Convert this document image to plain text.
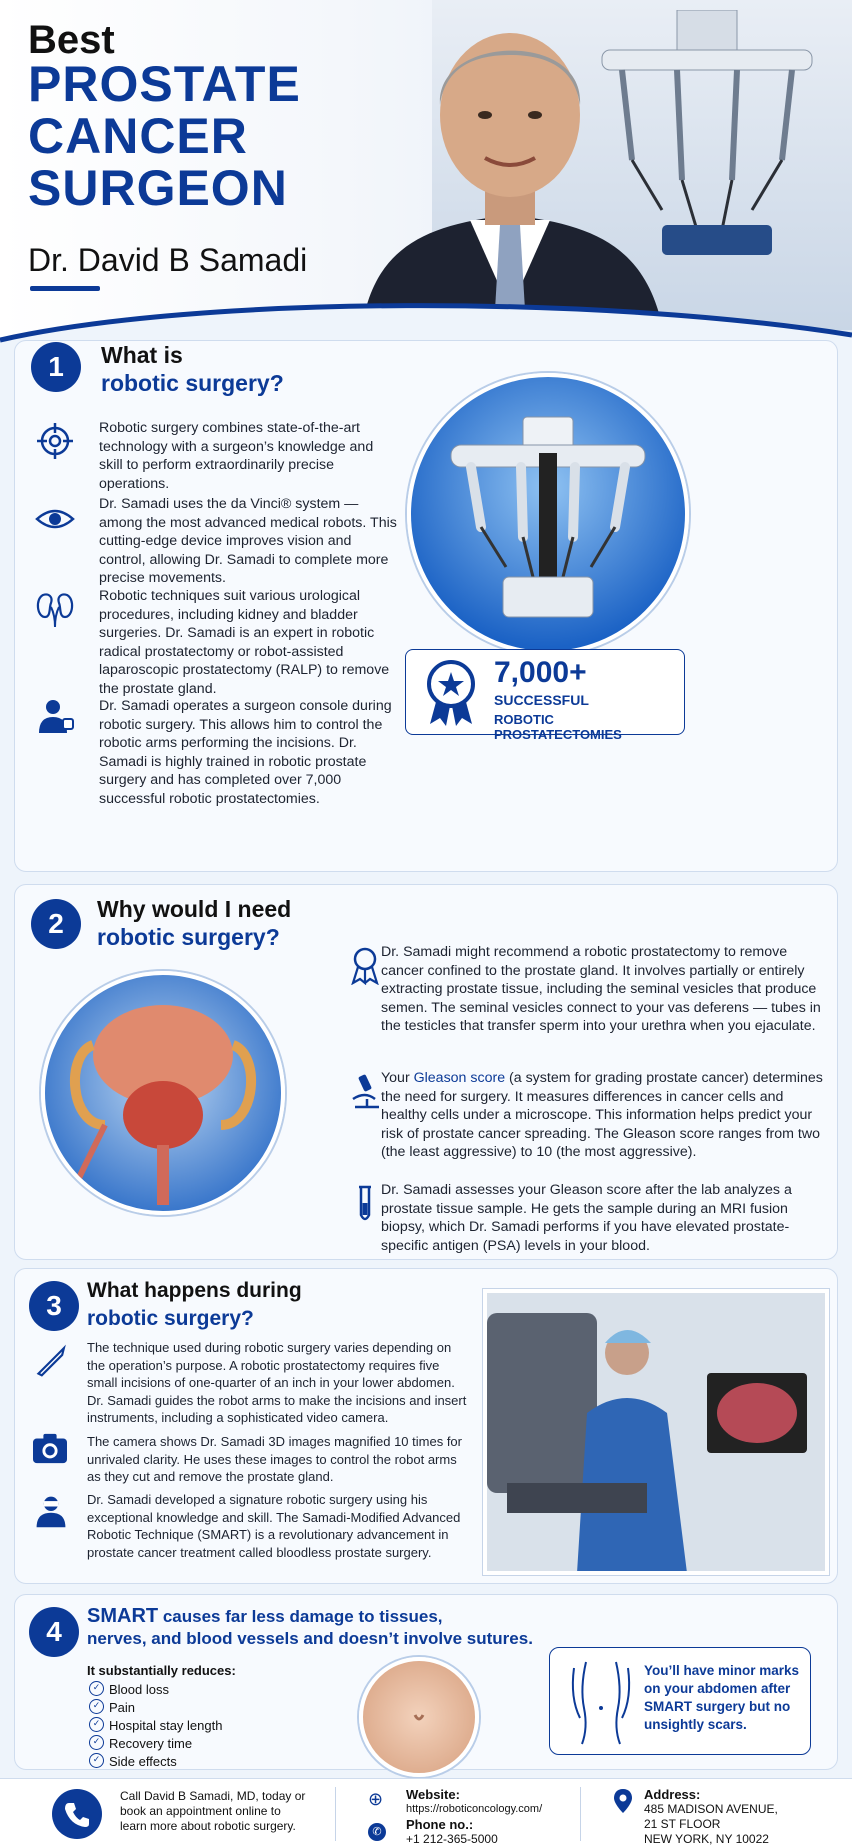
Best
PROSTATE
CANCER
SURGEON
Dr. David B Samadi
1	What is
robotic surgery?
Robotic surgery combines state-of-the-art technology with a surgeon’s knowledge and skill to perform extraordinarily precise operations.
Dr. Samadi uses the da Vinci® system — among the most advanced medical robots. This cutting-edge device improves vision and control, allowing Dr. Samadi to complete more precise movements.
Robotic techniques suit various urological procedures, including kidney and bladder surgeries. Dr. Samadi is an expert in robotic radical prostatectomy or robot-assisted laparoscopic prostatectomy (RALP) to remove the prostate gland.
Dr. Samadi operates a surgeon console during robotic surgery. This allows him to control the robotic arms performing the incisions. Dr. Samadi is highly trained in robotic prostate surgery and has completed over 7,000 successful robotic prostatectomies.
7,000+
SUCCESSFUL
ROBOTIC PROSTATECTOMIES
2	Why would I need
robotic surgery?
Dr. Samadi might recommend a robotic prostatectomy to remove cancer confined to the prostate gland. It involves partially or entirely extracting prostate tissue, including the seminal vesicles that produce semen. The seminal vesicles connect to your vas deferens — tubes in the testicles that transfer sperm into your urethra when you ejaculate.
Your Gleason score (a system for grading prostate cancer) determines the need for surgery. It measures differences in cancer cells and healthy cells under a microscope. This information helps predict your risk of prostate cancer spreading. The Gleason score ranges from two (the least aggressive) to 10 (the most aggressive).
Dr. Samadi assesses your Gleason score after the lab analyzes a prostate tissue sample. He gets the sample during an MRI fusion biopsy, which Dr. Samadi performs if you have elevated prostate-specific antigen (PSA) levels in your blood.
3	What happens during
robotic surgery?
The technique used during robotic surgery varies depending on the operation’s purpose. A robotic prostatectomy requires five small incisions of one-quarter of an inch in your lower abdomen. Dr. Samadi guides the robot arms to make the incisions and insert instruments, including a sophisticated video camera.
The camera shows Dr. Samadi 3D images magnified 10 times for unrivaled clarity. He uses these images to control the robot arms as they cut and remove the prostate gland.
Dr. Samadi developed a signature robotic surgery using his exceptional knowledge and skill. The Samadi-Modified Advanced Robotic Technique (SMART) is a revolutionary advancement in prostate cancer treatment called bloodless prostate surgery.
4	SMART causes far less damage to tissues,
nerves, and blood vessels and doesn’t involve sutures.
It substantially reduces:
✓ Blood loss
✓ Pain
✓ Hospital stay length
✓ Recovery time
✓ Side effects
You’ll have minor marks on your abdomen after SMART surgery but no unsightly scars.
Call David B Samadi, MD, today or book an appointment online to learn more about robotic surgery.
⊕ Website:
https://roboticoncology.com/
✆	Phone no.:
+1 212-365-5000
Address:
485 MADISON AVENUE,
21 ST FLOOR
NEW YORK, NY 10022
